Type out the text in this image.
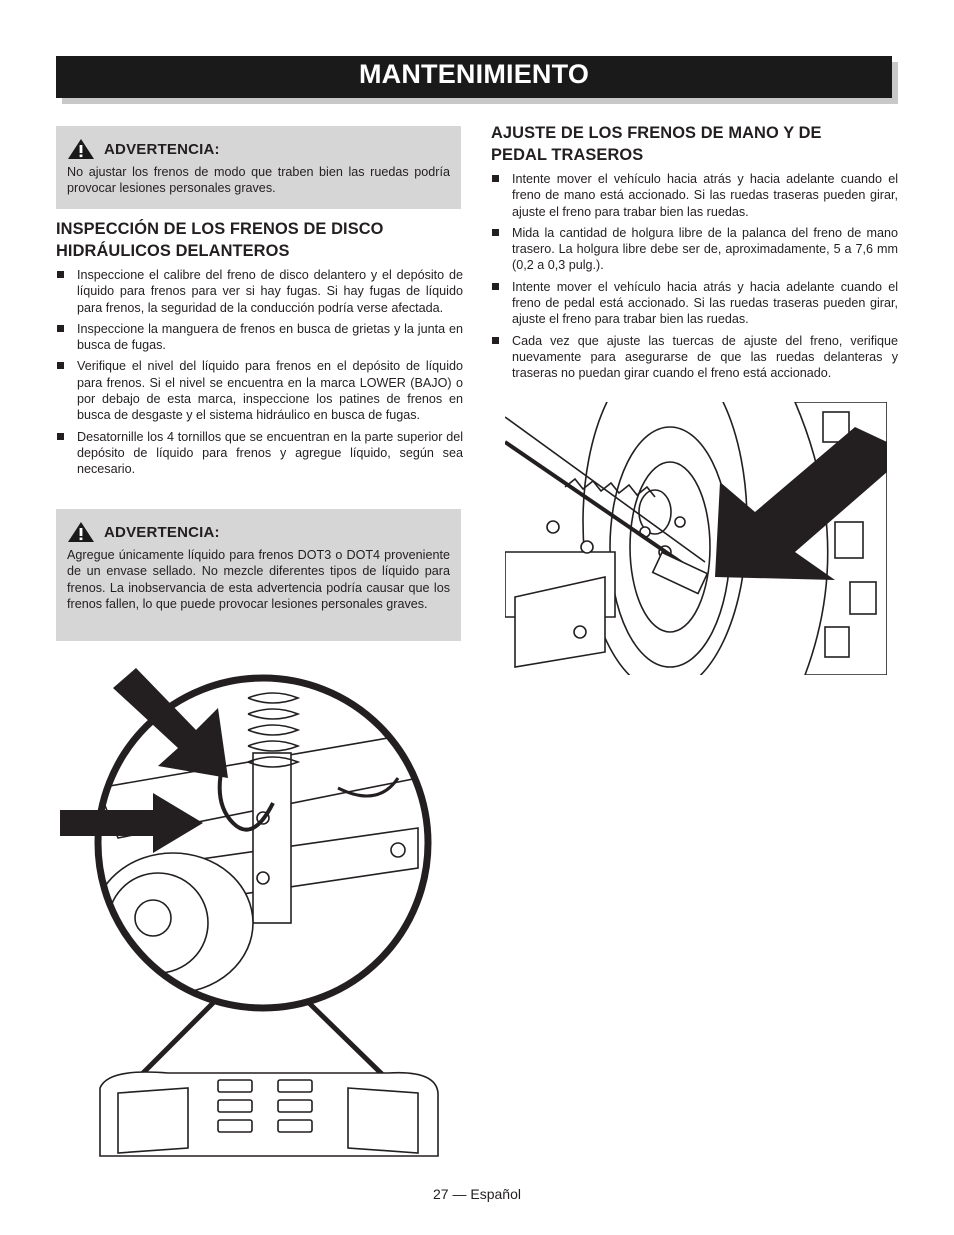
MANTENIMIENTO
ADVERTENCIA:
No ajustar los frenos de modo que traben bien las ruedas podría provocar lesiones personales graves.
INSPECCIÓN DE LOS FRENOS DE DISCO
HIDRÁULICOS DELANTEROS
Inspeccione el calibre del freno de disco delantero y el depósito de líquido para frenos para ver si hay fugas. Si hay fugas de líquido para frenos, la seguridad de la conducción podría verse afectada.
Inspeccione la manguera de frenos en busca de grietas y la junta en busca de fugas.
Verifique el nivel del líquido para frenos en el depósito de líquido para frenos. Si el nivel se encuentra en la marca LOWER (BAJO) o por debajo de esta marca, inspeccione los patines de frenos en busca de desgaste y el sistema hidráulico en busca de fugas.
Desatornille los 4 tornillos que se encuentran en la parte superior del depósito de líquido para frenos y agregue líquido, según sea necesario.
ADVERTENCIA:
Agregue únicamente líquido para frenos DOT3 o DOT4 proveniente de un envase sellado. No mezcle diferentes tipos de líquido para frenos. La inobservancia de esta advertencia podría causar que los frenos fallen, lo que puede provocar lesiones personales graves.
AJUSTE DE LOS FRENOS DE MANO Y DE
PEDAL TRASEROS
Intente mover el vehículo hacia atrás y hacia adelante cuando el freno de mano está accionado. Si las ruedas traseras pueden girar, ajuste el freno para trabar bien las ruedas.
Mida la cantidad de holgura libre de la palanca del freno de mano trasero. La holgura libre debe ser de, aproximadamente, 5 a 7,6 mm (0,2 a 0,3 pulg.).
Intente mover el vehículo hacia atrás y hacia adelante cuando el freno de pedal está accionado. Si las ruedas traseras pueden girar, ajuste el freno para trabar bien las ruedas.
Cada vez que ajuste las tuercas de ajuste del freno, verifique nuevamente para asegurarse de que las ruedas delanteras y traseras no puedan girar cuando el freno está accionado.
27 — Español
